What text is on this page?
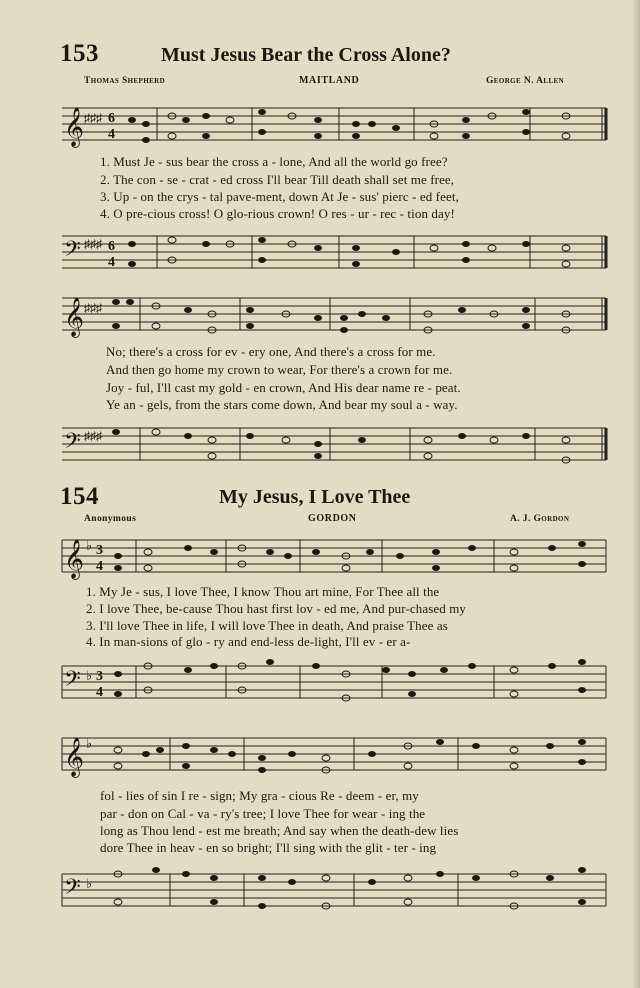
153	Must Jesus Bear the Cross Alone?
Thomas Shepherd	MAITLAND	George N. Allen
𝄞 ♯♯♯ 6
4
1. Must Je - sus bear the cross a - lone, And all the world go free?
2. The con - se - crat - ed cross I'll bear Till death shall set me free,
3. Up - on the crys - tal pave-ment, down At Je - sus' pierc - ed feet,
4. O pre-cious cross! O glo-rious crown! O res - ur - rec - tion day!
𝄢 ♯♯♯ 6
4
𝄞 ♯♯♯
No; there's a cross for ev - ery one, And there's a cross for me.
And then go home my crown to wear, For there's a crown for me.
Joy - ful, I'll cast my gold - en crown, And His dear name re - peat.
Ye an - gels, from the stars come down, And bear my soul a - way.
𝄢 ♯♯♯
154	My Jesus, I Love Thee
Anonymous	GORDON	A. J. Gordon
𝄞 ♭ 3
4
1. My Je - sus, I love Thee, I know Thou art mine, For Thee all the
2. I love Thee, be-cause Thou hast first lov - ed me, And pur-chased my
3. I'll love Thee in life, I will love Thee in death, And praise Thee as
4. In man-sions of glo - ry and end-less de-light, I'll ev - er a-
𝄢 ♭ 3
4
𝄞 ♭
fol - lies of sin I re - sign; My gra - cious Re - deem - er, my
par - don on Cal - va - ry's tree; I love Thee for wear - ing the
long as Thou lend - est me breath; And say when the death-dew lies
dore Thee in heav - en so bright; I'll sing with the glit - ter - ing
𝄢 ♭
